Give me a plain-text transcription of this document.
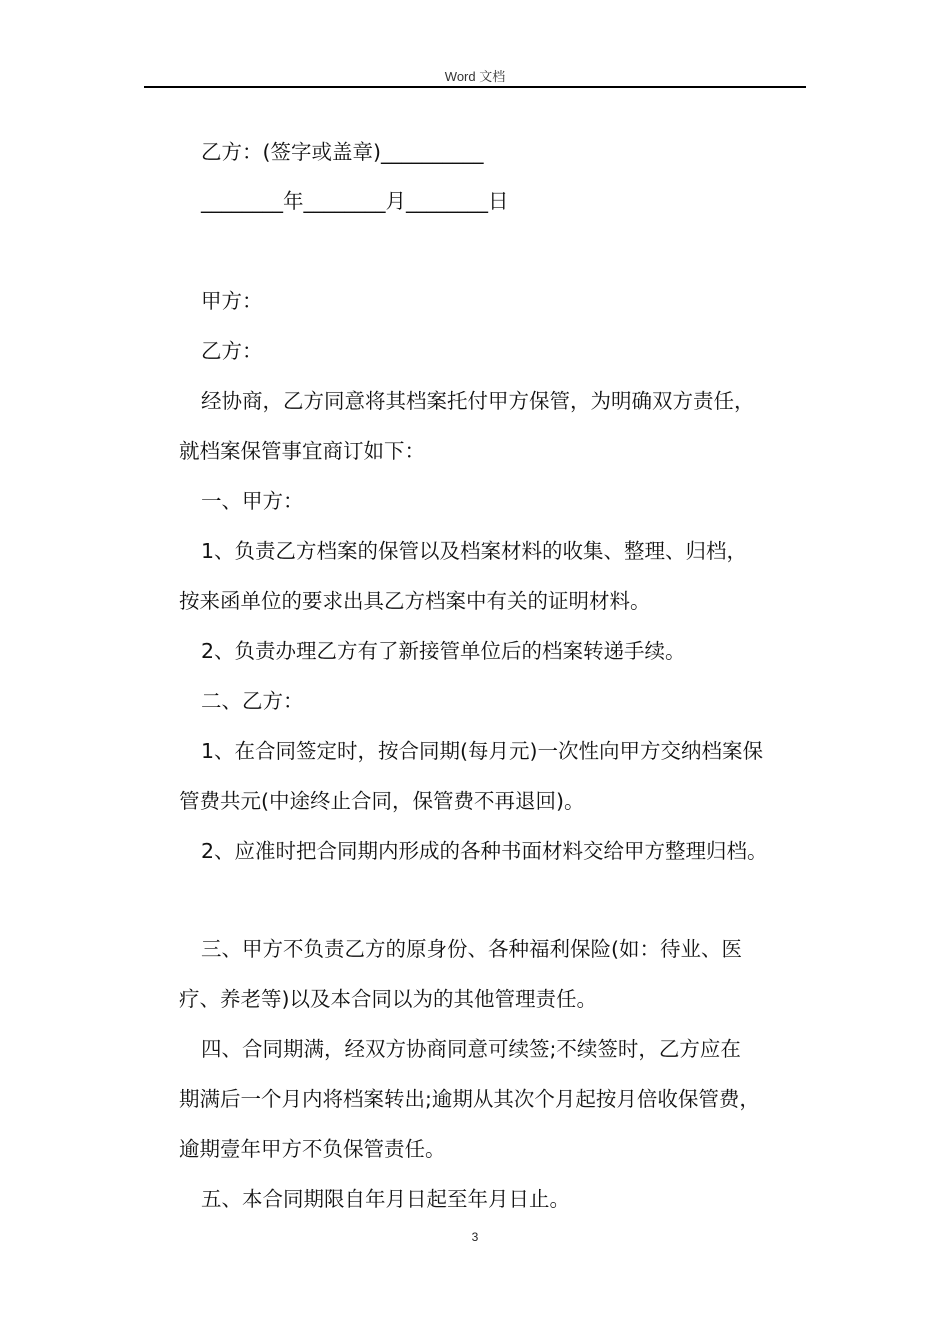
Word 文档
乙方：(签字或盖章)__________
________年________月________日
甲方：
乙方：
经协商，乙方同意将其档案托付甲方保管，为明确双方责任，
就档案保管事宜商订如下：
一、甲方：
1、负责乙方档案的保管以及档案材料的收集、整理、归档，
按来函单位的要求出具乙方档案中有关的证明材料。
2、负责办理乙方有了新接管单位后的档案转递手续。
二、乙方：
1、在合同签定时，按合同期(每月元)一次性向甲方交纳档案保
管费共元(中途终止合同，保管费不再退回)。
2、应准时把合同期内形成的各种书面材料交给甲方整理归档。
三、甲方不负责乙方的原身份、各种福利保险(如：待业、医
疗、养老等)以及本合同以为的其他管理责任。
四、合同期满，经双方协商同意可续签;不续签时，乙方应在
期满后一个月内将档案转出;逾期从其次个月起按月倍收保管费，
逾期壹年甲方不负保管责任。
五、本合同期限自年月日起至年月日止。
3
